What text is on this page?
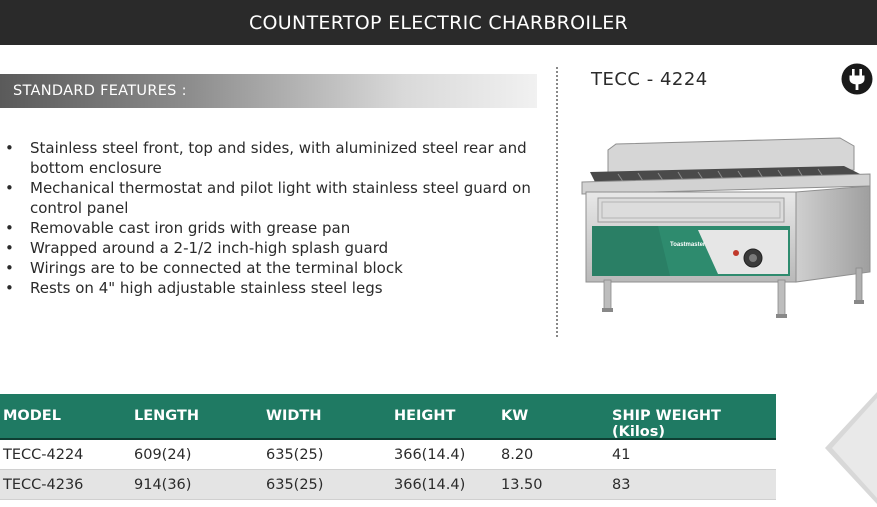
COUNTERTOP ELECTRIC CHARBROILER
STANDARD FEATURES :
• Stainless steel front, top and sides, with aluminized steel rear and bottom enclosure
• Mechanical thermostat and pilot light with stainless steel guard on control panel
• Removable cast iron grids with grease pan
• Wrapped around a 2-1/2 inch-high splash guard
• Wirings are to be connected at the terminal block
• Rests on 4" high adjustable stainless steel legs
TECC - 4224
Toastmaster
MODEL	LENGTH	WIDTH	HEIGHT	KW	SHIP WEIGHT (Kilos)
TECC-4224	609(24)	635(25)	366(14.4) 8.20	41
TECC-4236	914(36)	635(25)	366(14.4) 13.50	83
